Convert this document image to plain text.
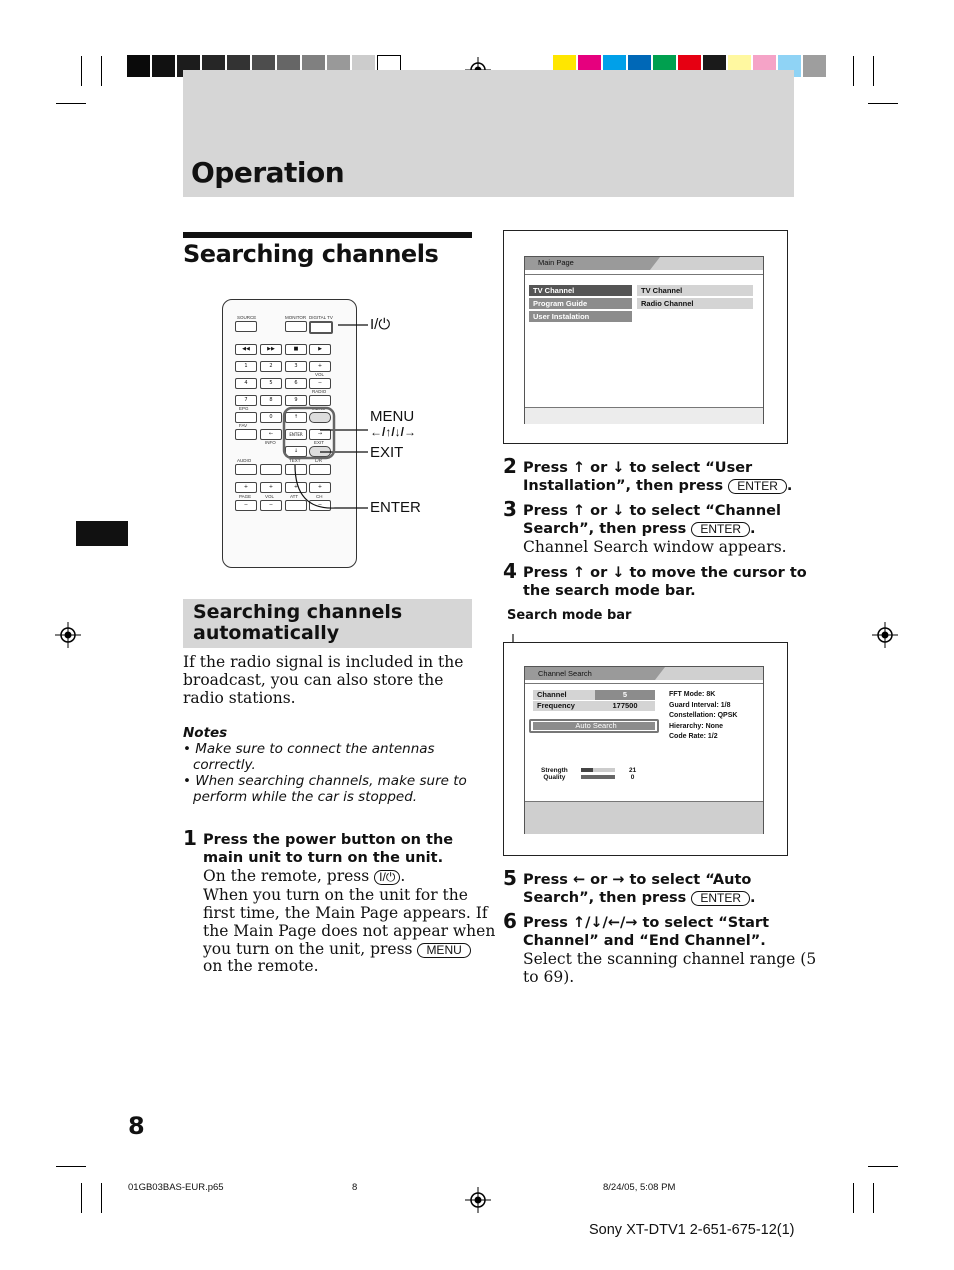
Operation
Searching channels
SOURCE	MONITOR DIGITAL TV
◀◀	▶▶	■	▶
1	2	3	+
VOL
4	5	6	−
RADIO
7	8	9
EPG	MENU
0	↑
FAV
←	ENTER	→
INFO	EXIT
↓
AUDIO	TEXT	L/R
+	+	+	+
PAGE	VOL	ATT	CH
−	−	−
I/⏻
MENU
←/↑/↓/→
EXIT
ENTER
Searching channels automatically
If the radio signal is included in the broadcast, you can also store the radio stations.
Notes
• Make sure to connect the antennas
correctly.
• When searching channels, make sure to
perform while the car is stopped.
1 Press the power button on the
main unit to turn on the unit.
On the remote, press I/⏻ .
When you turn on the unit for the
first time, the Main Page appears. If
the Main Page does not appear when
you turn on the unit, press MENU
on the remote.
Main Page
TV Channel
Program Guide
User Instalation
TV Channel
Radio Channel
2 Press ↑ or ↓ to select “User
Installation”, then press ENTER .
3 Press ↑ or ↓ to select “Channel
Search”, then press ENTER .
Channel Search window appears.
4 Press ↑ or ↓ to move the cursor to
the search mode bar.
Search mode bar
Channel Search
Channel	5
Frequency	177500
Auto Search
FFT Mode: 8K
Guard Interval: 1/8
Constellation: QPSK
Hierarchy: None
Code Rate: 1/2
Strength
Quality
21
0
5 Press ← or → to select “Auto
Search”, then press ENTER .
6 Press ↑/↓/←/→ to select “Start
Channel” and “End Channel”.
Select the scanning channel range (5
to 69).
8
01GB03BAS-EUR.p65	8	8/24/05, 5:08 PM
Sony XT-DTV1 2-651-675-12(1)
